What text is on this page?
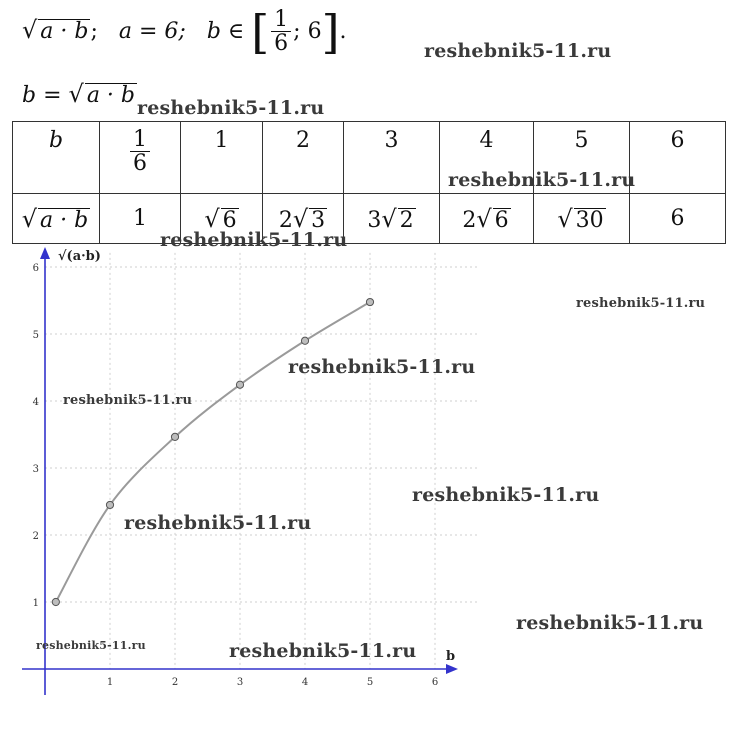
√ a · b;   a = 6; b ∈ [ $\frac{1}{6}$ ; 6].
b = √ a · b
b	$\frac{1}{6}$	1	2	3	4	5	6

√ a · b	1	√ 6	2√ 3	3√ 2	2√ 6	√ 30	6
1	2	3	4	5	6
1
2
3
4
5
6
√(a·b)
b
reshebnik5-11.ru
reshebnik5-11.ru
reshebnik5-11.ru
reshebnik5-11.ru
reshebnik5-11.ru
reshebnik5-11.ru
reshebnik5-11.ru
reshebnik5-11.ru
reshebnik5-11.ru
reshebnik5-11.ru
reshebnik5-11.ru	reshebnik5-11.ru
